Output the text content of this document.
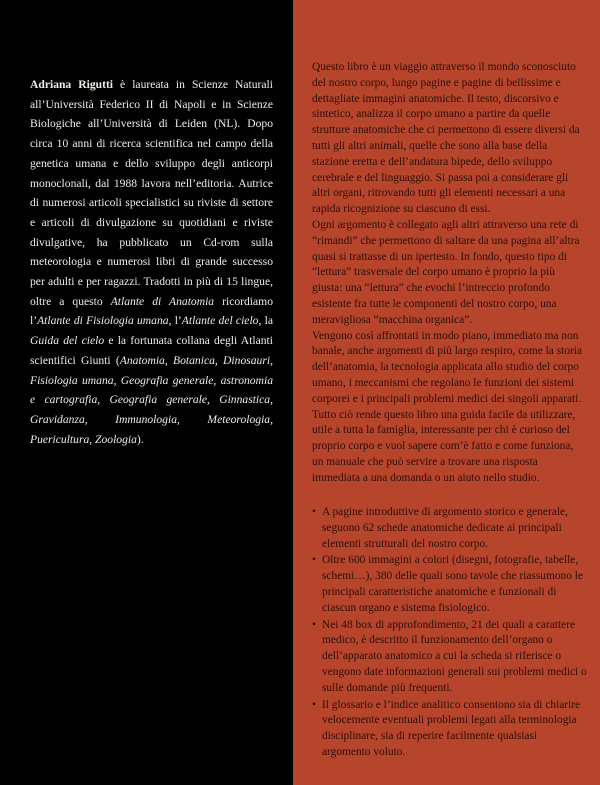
Adriana Rigutti è laureata in Scienze Naturali all’Università Federico II di Napoli e in Scienze Biologiche all’Università di Leiden (NL). Dopo circa 10 anni di ricerca scientifica nel campo della genetica umana e dello sviluppo degli anticorpi monoclonali, dal 1988 lavora nell’editoria. Autrice di numerosi articoli specialistici su riviste di settore e articoli di divulgazione su quotidiani e riviste divulgative, ha pubblicato un Cd-rom sulla meteorologia e numerosi libri di grande successo per adulti e per ragazzi. Tradotti in più di 15 lingue, oltre a questo Atlante di Anatomia ricordiamo l’Atlante di Fisiologia umana, l’Atlante del cielo, la Guida del cielo e la fortunata collana degli Atlanti scientifici Giunti (Anatomia, Botanica, Dinosauri, Fisiologia umana, Geografia generale, astronomia e cartografia, Geografia generale, Ginnastica, Gravidanza, Immunologia, Meteorologia, Puericultura, Zoologia).

Questo libro è un viaggio attraverso il mondo sconosciuto del nostro corpo, lungo pagine e pagine di bellissime e dettagliate immagini anatomiche. Il testo, discorsivo e sintetico, analizza il corpo umano a partire da quelle strutture anatomiche che ci permettono di essere diversi da tutti gli altri animali, quelle che sono alla base della stazione eretta e dell’andatura bipede, dello sviluppo cerebrale e del linguaggio. Si passa poi a considerare gli altri organi, ritrovando tutti gli elementi necessari a una rapida ricognizione su ciascuno di essi.

Ogni argomento è collegato agli altri attraverso una rete di “rimandi” che permettono di saltare da una pagina all’altra quasi si trattasse di un ipertesto. In fondo, questo tipo di “lettura” trasversale del corpo umano è proprio la più giusta: una “lettura” che evochi l’intreccio profondo esistente fra tutte le componenti del nostro corpo, una meravigliosa “macchina organica”.

Vengono così affrontati in modo piano, immediato ma non banale, anche argomenti di più largo respiro, come la storia dell’anatomia, la tecnologia applicata allo studio del corpo umano, i meccanismi che regolano le funzioni dei sistemi corporei e i principali problemi medici dei singoli apparati.

Tutto ciò rende questo libro una guida facile da utilizzare, utile a tutta la famiglia, interessante per chi è curioso del proprio corpo e vuol sapere com’è fatto e come funziona, un manuale che può servire a trovare una risposta immediata a una domanda o un aiuto nello studio.

• A pagine introduttive di argomento storico e generale, seguono 62 schede anatomiche dedicate ai principali elementi strutturali del nostro corpo.
• Oltre 600 immagini a colori (disegni, fotografie, tabelle, schemi…), 380 delle quali sono tavole che riassumono le principali caratteristiche anatomiche e funzionali di ciascun organo e sistema fisiologico.
• Nei 48 box di approfondimento, 21 dei quali a carattere medico, è descritto il funzionamento dell’organo o dell’apparato anatomico a cui la scheda si riferisce o vengono date informazioni generali sui problemi medici o sulle domande più frequenti.
• Il glossario e l’indice analitico consentono sia di chiarire velocemente eventuali problemi legati alla terminologia disciplinare, sia di reperire facilmente qualsiasi argomento voluto.
